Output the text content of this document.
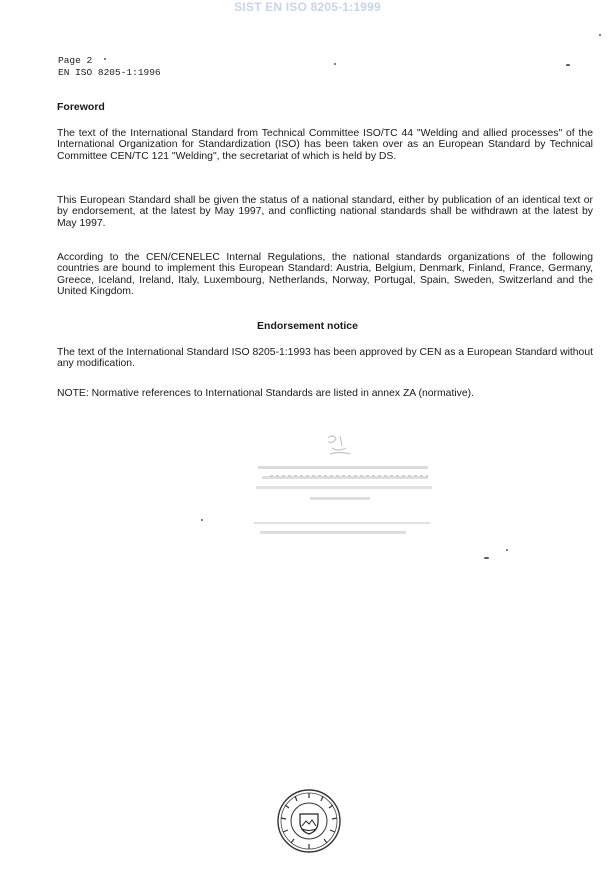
SIST EN ISO 8205-1:1999
Page 2
EN ISO 8205-1:1996
Foreword

The text of the International Standard from Technical Committee ISO/TC 44 "Welding and allied processes" of the International Organization for Standardization (ISO) has been taken over as an European Standard by Technical Committee CEN/TC 121 "Welding", the secretariat of which is held by DS.

This European Standard shall be given the status of a national standard, either by publication of an identical text or by endorsement, at the latest by May 1997, and conflicting national standards shall be withdrawn at the latest by May 1997.

According to the CEN/CENELEC Internal Regulations, the national standards organizations of the following countries are bound to implement this European Standard: Austria, Belgium, Denmark, Finland, France, Germany, Greece, Iceland, Ireland, Italy, Luxembourg, Netherlands, Norway, Portugal, Spain, Sweden, Switzerland and the United Kingdom.

Endorsement notice

The text of the International Standard ISO 8205-1:1993 has been approved by CEN as a European Standard without any modification.

NOTE: Normative references to International Standards are listed in annex ZA (normative).
